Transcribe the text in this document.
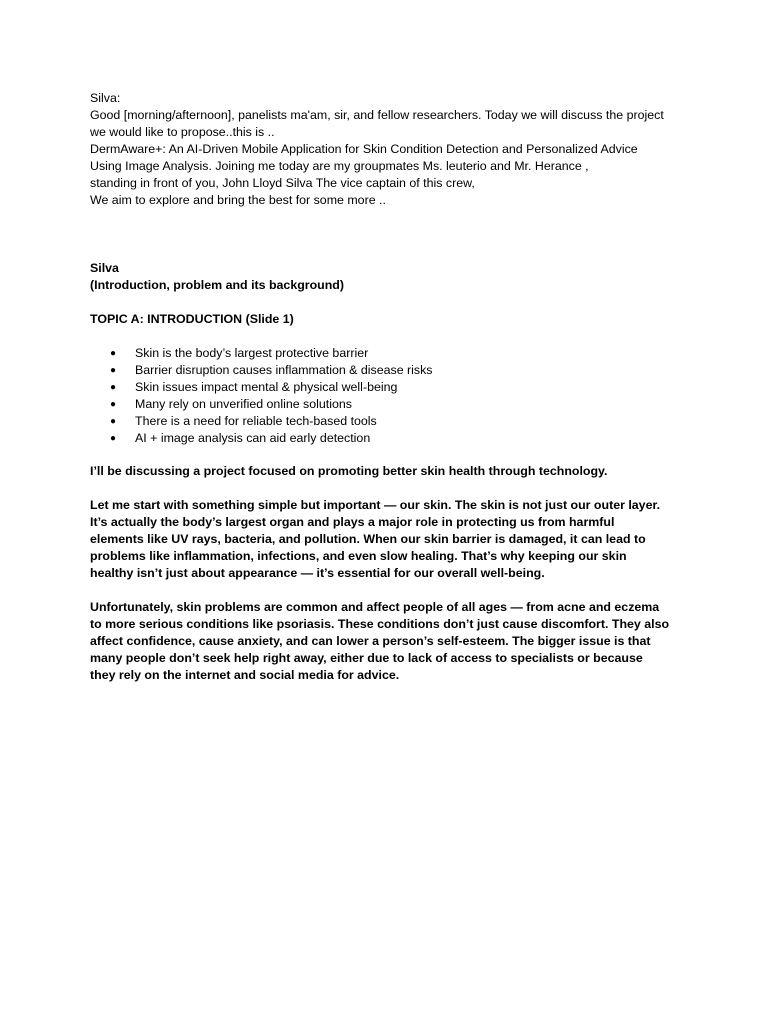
Silva:
Good [morning/afternoon], panelists ma'am, sir, and fellow researchers. Today we will discuss the project
we would like to propose..this is ..
DermAware+: An AI-Driven Mobile Application for Skin Condition Detection and Personalized Advice
Using Image Analysis. Joining me today are my groupmates Ms. leuterio and Mr. Herance ,
standing in front of you, John Lloyd Silva The vice captain of this crew,
We aim to explore and bring the best for some more ..
Silva
(Introduction, problem and its background)
TOPIC A: INTRODUCTION (Slide 1)
● Skin is the body’s largest protective barrier
● Barrier disruption causes inflammation & disease risks
● Skin issues impact mental & physical well-being
● Many rely on unverified online solutions
● There is a need for reliable tech-based tools
● AI + image analysis can aid early detection
I’ll be discussing a project focused on promoting better skin health through technology.
Let me start with something simple but important — our skin. The skin is not just our outer layer.
It’s actually the body’s largest organ and plays a major role in protecting us from harmful
elements like UV rays, bacteria, and pollution. When our skin barrier is damaged, it can lead to
problems like inflammation, infections, and even slow healing. That’s why keeping our skin
healthy isn’t just about appearance — it’s essential for our overall well-being.
Unfortunately, skin problems are common and affect people of all ages — from acne and eczema
to more serious conditions like psoriasis. These conditions don’t just cause discomfort. They also
affect confidence, cause anxiety, and can lower a person’s self-esteem. The bigger issue is that
many people don’t seek help right away, either due to lack of access to specialists or because
they rely on the internet and social media for advice.
